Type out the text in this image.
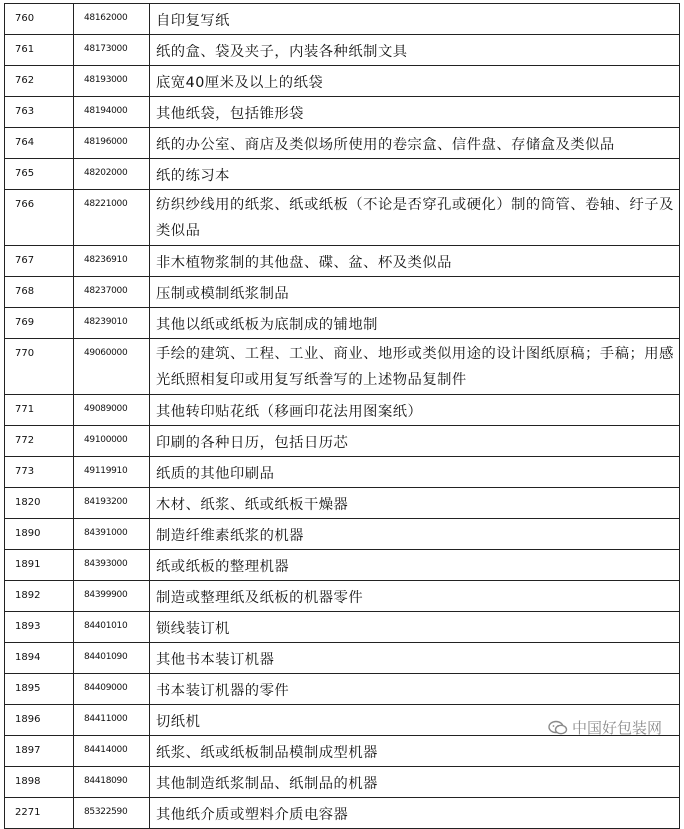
760	48162000	自印复写纸
761	48173000	纸的盒、袋及夹子，内装各种纸制文具
762	48193000	底宽40厘米及以上的纸袋
763	48194000	其他纸袋，包括锥形袋
764	48196000	纸的办公室、商店及类似场所使用的卷宗盒、信件盘、存储盒及类似品
765	48202000	纸的练习本
766	48221000	纺织纱线用的纸浆、纸或纸板（不论是否穿孔或硬化）制的筒管、卷轴、纡子及类似品
767	48236910	非木植物浆制的其他盘、碟、盆、杯及类似品
768	48237000	压制或模制纸浆制品
769	48239010	其他以纸或纸板为底制成的铺地制
770	49060000	手绘的建筑、工程、工业、商业、地形或类似用途的设计图纸原稿；手稿；用感光纸照相复印或用复写纸誊写的上述物品复制件
771	49089000	其他转印贴花纸（移画印花法用图案纸）
772	49100000	印刷的各种日历，包括日历芯
773	49119910	纸质的其他印刷品
1820	84193200	木材、纸浆、纸或纸板干燥器
1890	84391000	制造纤维素纸浆的机器
1891	84393000	纸或纸板的整理机器
1892	84399900	制造或整理纸及纸板的机器零件
1893	84401010	锁线装订机
1894	84401090	其他书本装订机器
1895	84409000	书本装订机器的零件
1896	84411000	切纸机
1897	84414000	纸浆、纸或纸板制品模制成型机器
1898	84418090	其他制造纸浆制品、纸制品的机器
2271	85322590	其他纸介质或塑料介质电容器
中国好包装网
